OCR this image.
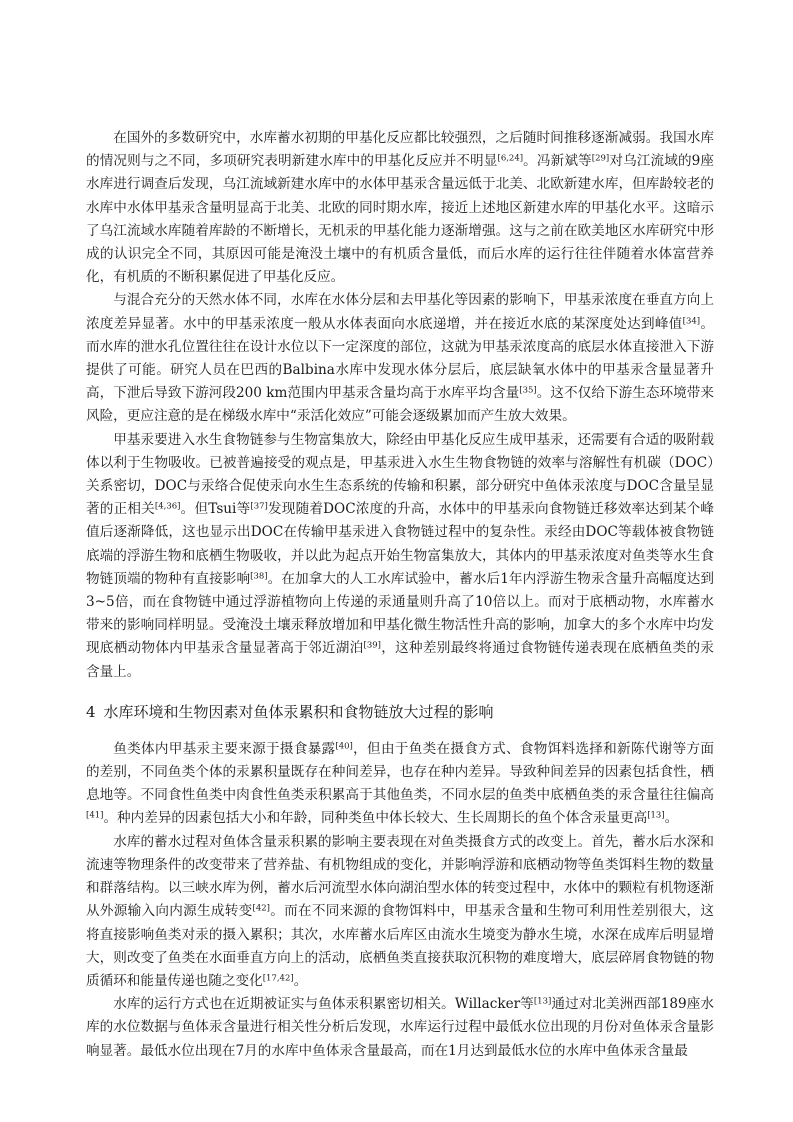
在国外的多数研究中，水库蓄水初期的甲基化反应都比较强烈，之后随时间推移逐渐减弱。我国水库的情况则与之不同，多项研究表明新建水库中的甲基化反应并不明显[6,24]。冯新斌等[29]对乌江流域的9座水库进行调查后发现，乌江流域新建水库中的水体甲基汞含量远低于北美、北欧新建水库，但库龄较老的水库中水体甲基汞含量明显高于北美、北欧的同时期水库，接近上述地区新建水库的甲基化水平。这暗示了乌江流域水库随着库龄的不断增长，无机汞的甲基化能力逐渐增强。这与之前在欧美地区水库研究中形成的认识完全不同，其原因可能是淹没土壤中的有机质含量低，而后水库的运行往往伴随着水体富营养化，有机质的不断积累促进了甲基化反应。

与混合充分的天然水体不同，水库在水体分层和去甲基化等因素的影响下，甲基汞浓度在垂直方向上浓度差异显著。水中的甲基汞浓度一般从水体表面向水底递增，并在接近水底的某深度处达到峰值[34]。而水库的泄水孔位置往往在设计水位以下一定深度的部位，这就为甲基汞浓度高的底层水体直接泄入下游提供了可能。研究人员在巴西的Balbina水库中发现水体分层后，底层缺氧水体中的甲基汞含量显著升高，下泄后导致下游河段200 km范围内甲基汞含量均高于水库平均含量[35]。这不仅给下游生态环境带来风险，更应注意的是在梯级水库中“汞活化效应”可能会逐级累加而产生放大效果。

甲基汞要进入水生食物链参与生物富集放大，除经由甲基化反应生成甲基汞，还需要有合适的吸附载体以利于生物吸收。已被普遍接受的观点是，甲基汞进入水生生物食物链的效率与溶解性有机碳（DOC）关系密切，DOC与汞络合促使汞向水生生态系统的传输和积累，部分研究中鱼体汞浓度与DOC含量呈显著的正相关[4,36]。但Tsui等[37]发现随着DOC浓度的升高，水体中的甲基汞向食物链迁移效率达到某个峰值后逐渐降低，这也显示出DOC在传输甲基汞进入食物链过程中的复杂性。汞经由DOC等载体被食物链底端的浮游生物和底栖生物吸收，并以此为起点开始生物富集放大，其体内的甲基汞浓度对鱼类等水生食物链顶端的物种有直接影响[38]。在加拿大的人工水库试验中，蓄水后1年内浮游生物汞含量升高幅度达到3~5倍，而在食物链中通过浮游植物向上传递的汞通量则升高了10倍以上。而对于底栖动物，水库蓄水带来的影响同样明显。受淹没土壤汞释放增加和甲基化微生物活性升高的影响，加拿大的多个水库中均发现底栖动物体内甲基汞含量显著高于邻近湖泊[39]，这种差别最终将通过食物链传递表现在底栖鱼类的汞含量上。

4 水库环境和生物因素对鱼体汞累积和食物链放大过程的影响

鱼类体内甲基汞主要来源于摄食暴露[40]，但由于鱼类在摄食方式、食物饵料选择和新陈代谢等方面的差别，不同鱼类个体的汞累积量既存在种间差异，也存在种内差异。导致种间差异的因素包括食性，栖息地等。不同食性鱼类中肉食性鱼类汞积累高于其他鱼类，不同水层的鱼类中底栖鱼类的汞含量往往偏高[41]。种内差异的因素包括大小和年龄，同种类鱼中体长较大、生长周期长的鱼个体含汞量更高[13]。

水库的蓄水过程对鱼体含量汞积累的影响主要表现在对鱼类摄食方式的改变上。首先，蓄水后水深和流速等物理条件的改变带来了营养盐、有机物组成的变化，并影响浮游和底栖动物等鱼类饵料生物的数量和群落结构。以三峡水库为例，蓄水后河流型水体向湖泊型水体的转变过程中，水体中的颗粒有机物逐渐从外源输入向内源生成转变[42]。而在不同来源的食物饵料中，甲基汞含量和生物可利用性差别很大，这将直接影响鱼类对汞的摄入累积；其次，水库蓄水后库区由流水生境变为静水生境，水深在成库后明显增大，则改变了鱼类在水面垂直方向上的活动，底栖鱼类直接获取沉积物的难度增大，底层碎屑食物链的物质循环和能量传递也随之变化[17,42]。

水库的运行方式也在近期被证实与鱼体汞积累密切相关。Willacker等[13]通过对北美洲西部189座水库的水位数据与鱼体汞含量进行相关性分析后发现，水库运行过程中最低水位出现的月份对鱼体汞含量影响显著。最低水位出现在7月的水库中鱼体汞含量最高，而在1月达到最低水位的水库中鱼体汞含量最
